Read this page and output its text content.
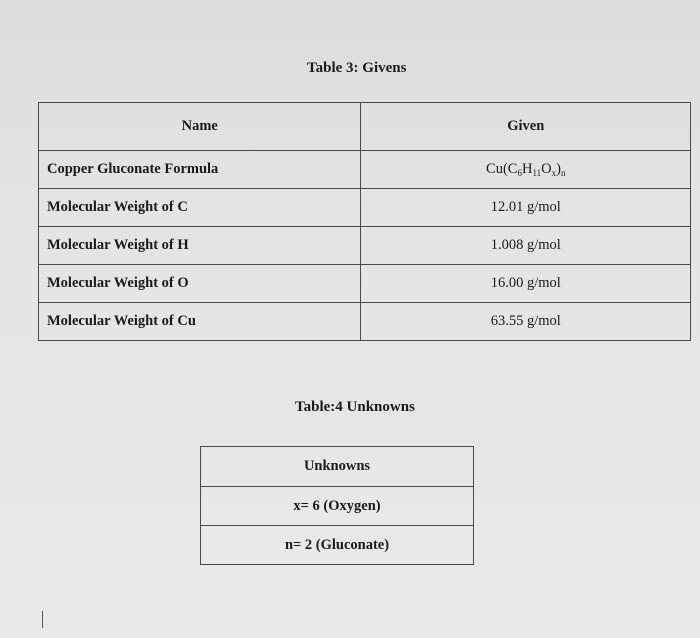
Table 3: Givens
Name	Given
Copper Gluconate Formula	$Cu(C_6H_{11}O_x)_n$
Molecular Weight of C	12.01 g/mol
Molecular Weight of H	1.008 g/mol
Molecular Weight of O	16.00 g/mol
Molecular Weight of Cu	63.55 g/mol
Table:4 Unknowns
Unknowns
x= 6 (Oxygen)
n= 2 (Gluconate)
